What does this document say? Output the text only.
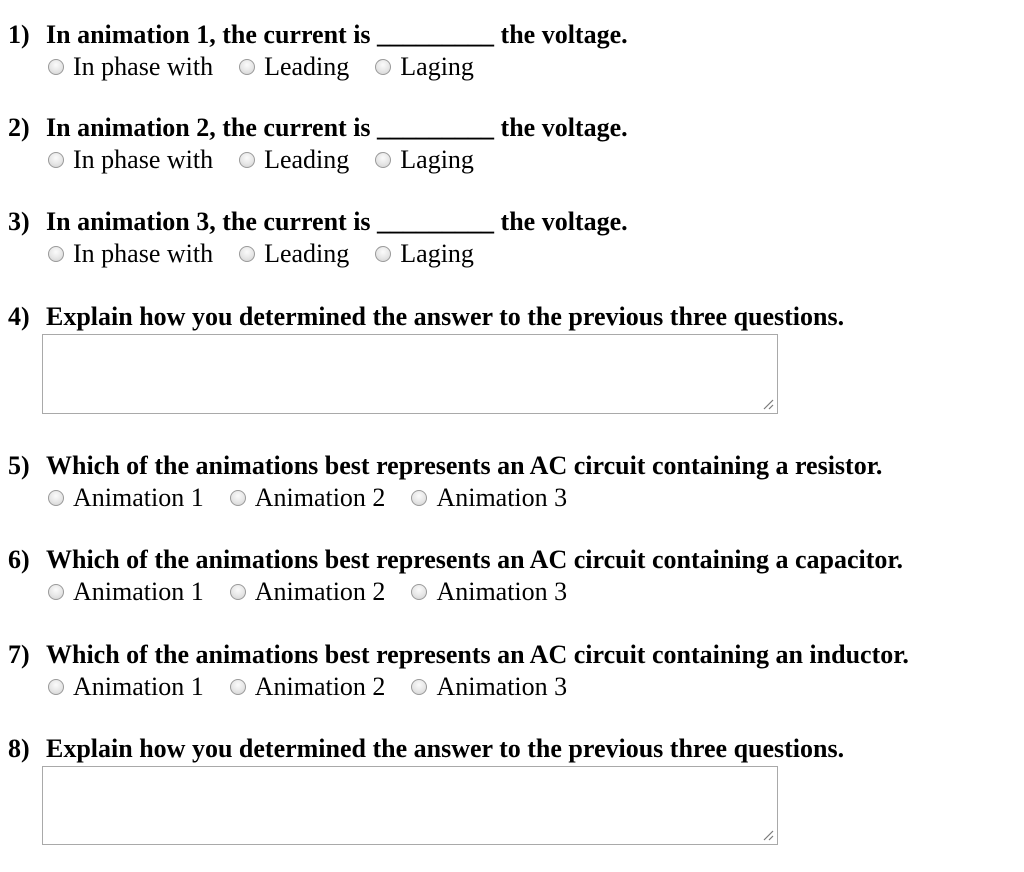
1) In animation 1, the current is _________ the voltage.
In phase with Leading Laging
2) In animation 2, the current is _________ the voltage.
In phase with Leading Laging
3) In animation 3, the current is _________ the voltage.
In phase with Leading Laging
4) Explain how you determined the answer to the previous three questions.
5) Which of the animations best represents an AC circuit containing a resistor.
Animation 1 Animation 2 Animation 3
6) Which of the animations best represents an AC circuit containing a capacitor.
Animation 1 Animation 2 Animation 3
7) Which of the animations best represents an AC circuit containing an inductor.
Animation 1 Animation 2 Animation 3
8) Explain how you determined the answer to the previous three questions.
